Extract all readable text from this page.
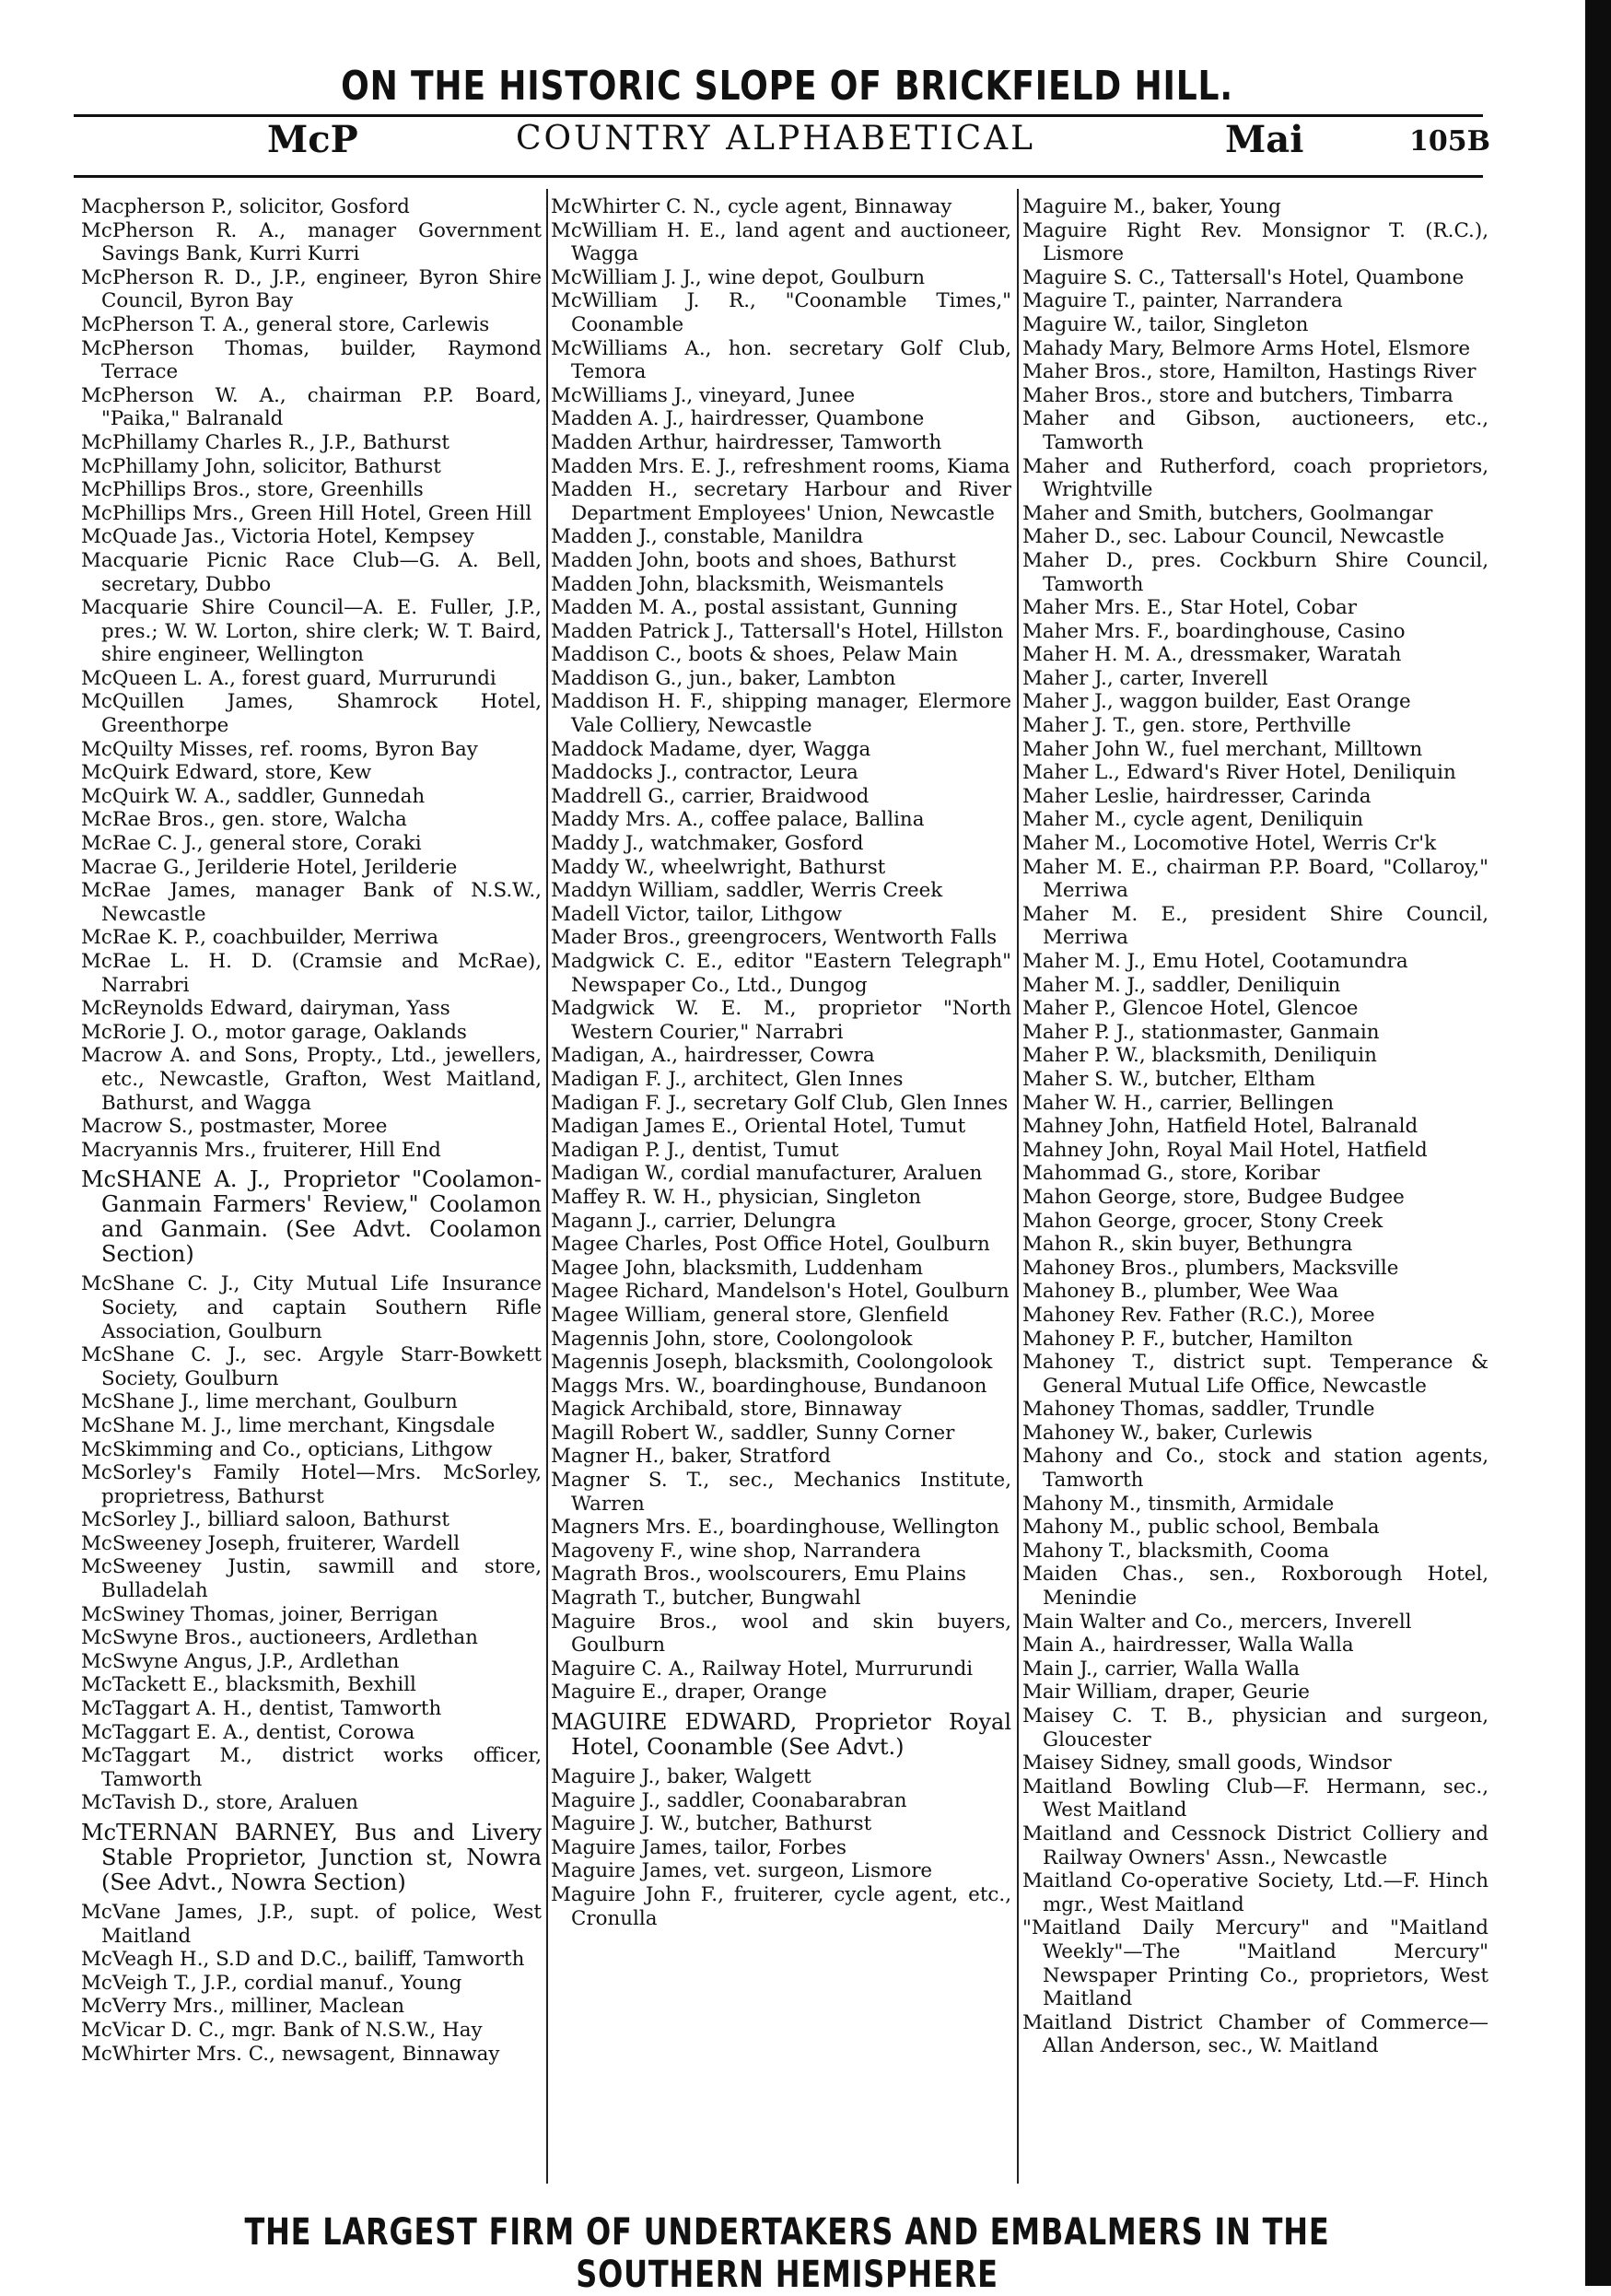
ON THE HISTORIC SLOPE OF BRICKFIELD HILL.
McP	COUNTRY ALPHABETICAL	Mai	105B

Macpherson P., solicitor, Gosford

McPherson R. A., manager Government Savings Bank, Kurri Kurri

McPherson R. D., J.P., engineer, Byron Shire Council, Byron Bay

McPherson T. A., general store, Carlewis

McPherson Thomas, builder, Raymond Terrace

McPherson W. A., chairman P.P. Board, "Paika," Balranald

McPhillamy Charles R., J.P., Bathurst

McPhillamy John, solicitor, Bathurst

McPhillips Bros., store, Greenhills

McPhillips Mrs., Green Hill Hotel, Green Hill

McQuade Jas., Victoria Hotel, Kempsey

Macquarie Picnic Race Club—G. A. Bell, secretary, Dubbo

Macquarie Shire Council—A. E. Fuller, J.P., pres.; W. W. Lorton, shire clerk; W. T. Baird, shire engineer, Wellington

McQueen L. A., forest guard, Murrurundi

McQuillen James, Shamrock Hotel, Greenthorpe

McQuilty Misses, ref. rooms, Byron Bay

McQuirk Edward, store, Kew

McQuirk W. A., saddler, Gunnedah

McRae Bros., gen. store, Walcha

McRae C. J., general store, Coraki

Macrae G., Jerilderie Hotel, Jerilderie

McRae James, manager Bank of N.S.W., Newcastle

McRae K. P., coachbuilder, Merriwa

McRae L. H. D. (Cramsie and McRae), Narrabri

McReynolds Edward, dairyman, Yass

McRorie J. O., motor garage, Oaklands

Macrow A. and Sons, Propty., Ltd., jewellers, etc., Newcastle, Grafton, West Maitland, Bathurst, and Wagga

Macrow S., postmaster, Moree

Macryannis Mrs., fruiterer, Hill End

McSHANE A. J., Proprietor "Coolamon-Ganmain Farmers' Review," Coolamon and Ganmain. (See Advt. Coolamon Section)

McShane C. J., City Mutual Life Insurance Society, and captain Southern Rifle Association, Goulburn

McShane C. J., sec. Argyle Starr-Bowkett Society, Goulburn

McShane J., lime merchant, Goulburn

McShane M. J., lime merchant, Kingsdale

McSkimming and Co., opticians, Lithgow

McSorley's Family Hotel—Mrs. McSorley, proprietress, Bathurst

McSorley J., billiard saloon, Bathurst

McSweeney Joseph, fruiterer, Wardell

McSweeney Justin, sawmill and store, Bulladelah

McSwiney Thomas, joiner, Berrigan

McSwyne Bros., auctioneers, Ardlethan

McSwyne Angus, J.P., Ardlethan

McTackett E., blacksmith, Bexhill

McTaggart A. H., dentist, Tamworth

McTaggart E. A., dentist, Corowa

McTaggart M., district works officer, Tamworth

McTavish D., store, Araluen

McTERNAN BARNEY, Bus and Livery Stable Proprietor, Junction st, Nowra (See Advt., Nowra Section)

McVane James, J.P., supt. of police, West Maitland

McVeagh H., S.D and D.C., bailiff, Tamworth

McVeigh T., J.P., cordial manuf., Young

McVerry Mrs., milliner, Maclean

McVicar D. C., mgr. Bank of N.S.W., Hay

McWhirter Mrs. C., newsagent, Binnaway

McWhirter C. N., cycle agent, Binnaway

McWilliam H. E., land agent and auctioneer, Wagga

McWilliam J. J., wine depot, Goulburn

McWilliam J. R., "Coonamble Times," Coonamble

McWilliams A., hon. secretary Golf Club, Temora

McWilliams J., vineyard, Junee

Madden A. J., hairdresser, Quambone

Madden Arthur, hairdresser, Tamworth

Madden Mrs. E. J., refreshment rooms, Kiama

Madden H., secretary Harbour and River Department Employees' Union, Newcastle

Madden J., constable, Manildra

Madden John, boots and shoes, Bathurst

Madden John, blacksmith, Weismantels

Madden M. A., postal assistant, Gunning

Madden Patrick J., Tattersall's Hotel, Hillston

Maddison C., boots & shoes, Pelaw Main

Maddison G., jun., baker, Lambton

Maddison H. F., shipping manager, Elermore Vale Colliery, Newcastle

Maddock Madame, dyer, Wagga

Maddocks J., contractor, Leura

Maddrell G., carrier, Braidwood

Maddy Mrs. A., coffee palace, Ballina

Maddy J., watchmaker, Gosford

Maddy W., wheelwright, Bathurst

Maddyn William, saddler, Werris Creek

Madell Victor, tailor, Lithgow

Mader Bros., greengrocers, Wentworth Falls

Madgwick C. E., editor "Eastern Telegraph" Newspaper Co., Ltd., Dungog

Madgwick W. E. M., proprietor "North Western Courier," Narrabri

Madigan, A., hairdresser, Cowra

Madigan F. J., architect, Glen Innes

Madigan F. J., secretary Golf Club, Glen Innes

Madigan James E., Oriental Hotel, Tumut

Madigan P. J., dentist, Tumut

Madigan W., cordial manufacturer, Araluen

Maffey R. W. H., physician, Singleton

Magann J., carrier, Delungra

Magee Charles, Post Office Hotel, Goulburn

Magee John, blacksmith, Luddenham

Magee Richard, Mandelson's Hotel, Goulburn

Magee William, general store, Glenfield

Magennis John, store, Coolongolook

Magennis Joseph, blacksmith, Coolongolook

Maggs Mrs. W., boardinghouse, Bundanoon

Magick Archibald, store, Binnaway

Magill Robert W., saddler, Sunny Corner

Magner H., baker, Stratford

Magner S. T., sec., Mechanics Institute, Warren

Magners Mrs. E., boardinghouse, Wellington

Magoveny F., wine shop, Narrandera

Magrath Bros., woolscourers, Emu Plains

Magrath T., butcher, Bungwahl

Maguire Bros., wool and skin buyers, Goulburn

Maguire C. A., Railway Hotel, Murrurundi

Maguire E., draper, Orange

MAGUIRE EDWARD, Proprietor Royal Hotel, Coonamble (See Advt.)

Maguire J., baker, Walgett

Maguire J., saddler, Coonabarabran

Maguire J. W., butcher, Bathurst

Maguire James, tailor, Forbes

Maguire James, vet. surgeon, Lismore

Maguire John F., fruiterer, cycle agent, etc., Cronulla

Maguire M., baker, Young

Maguire Right Rev. Monsignor T. (R.C.), Lismore

Maguire S. C., Tattersall's Hotel, Quambone

Maguire T., painter, Narrandera

Maguire W., tailor, Singleton

Mahady Mary, Belmore Arms Hotel, Elsmore

Maher Bros., store, Hamilton, Hastings River

Maher Bros., store and butchers, Timbarra

Maher and Gibson, auctioneers, etc., Tamworth

Maher and Rutherford, coach proprietors, Wrightville

Maher and Smith, butchers, Goolmangar

Maher D., sec. Labour Council, Newcastle

Maher D., pres. Cockburn Shire Council, Tamworth

Maher Mrs. E., Star Hotel, Cobar

Maher Mrs. F., boardinghouse, Casino

Maher H. M. A., dressmaker, Waratah

Maher J., carter, Inverell

Maher J., waggon builder, East Orange

Maher J. T., gen. store, Perthville

Maher John W., fuel merchant, Milltown

Maher L., Edward's River Hotel, Deniliquin

Maher Leslie, hairdresser, Carinda

Maher M., cycle agent, Deniliquin

Maher M., Locomotive Hotel, Werris Cr'k

Maher M. E., chairman P.P. Board, "Collaroy," Merriwa

Maher M. E., president Shire Council, Merriwa

Maher M. J., Emu Hotel, Cootamundra

Maher M. J., saddler, Deniliquin

Maher P., Glencoe Hotel, Glencoe

Maher P. J., stationmaster, Ganmain

Maher P. W., blacksmith, Deniliquin

Maher S. W., butcher, Eltham

Maher W. H., carrier, Bellingen

Mahney John, Hatfield Hotel, Balranald

Mahney John, Royal Mail Hotel, Hatfield

Mahommad G., store, Koribar

Mahon George, store, Budgee Budgee

Mahon George, grocer, Stony Creek

Mahon R., skin buyer, Bethungra

Mahoney Bros., plumbers, Macksville

Mahoney B., plumber, Wee Waa

Mahoney Rev. Father (R.C.), Moree

Mahoney P. F., butcher, Hamilton

Mahoney T., district supt. Temperance & General Mutual Life Office, Newcastle

Mahoney Thomas, saddler, Trundle

Mahoney W., baker, Curlewis

Mahony and Co., stock and station agents, Tamworth

Mahony M., tinsmith, Armidale

Mahony M., public school, Bembala

Mahony T., blacksmith, Cooma

Maiden Chas., sen., Roxborough Hotel, Menindie

Main Walter and Co., mercers, Inverell

Main A., hairdresser, Walla Walla

Main J., carrier, Walla Walla

Mair William, draper, Geurie

Maisey C. T. B., physician and surgeon, Gloucester

Maisey Sidney, small goods, Windsor

Maitland Bowling Club—F. Hermann, sec., West Maitland

Maitland and Cessnock District Colliery and Railway Owners' Assn., Newcastle

Maitland Co-operative Society, Ltd.—F. Hinch mgr., West Maitland

"Maitland Daily Mercury" and "Maitland Weekly"—The "Maitland Mercury" Newspaper Printing Co., proprietors, West Maitland

Maitland District Chamber of Commerce—Allan Anderson, sec., W. Maitland

THE LARGEST FIRM OF UNDERTAKERS AND EMBALMERS IN THE SOUTHERN HEMISPHERE
